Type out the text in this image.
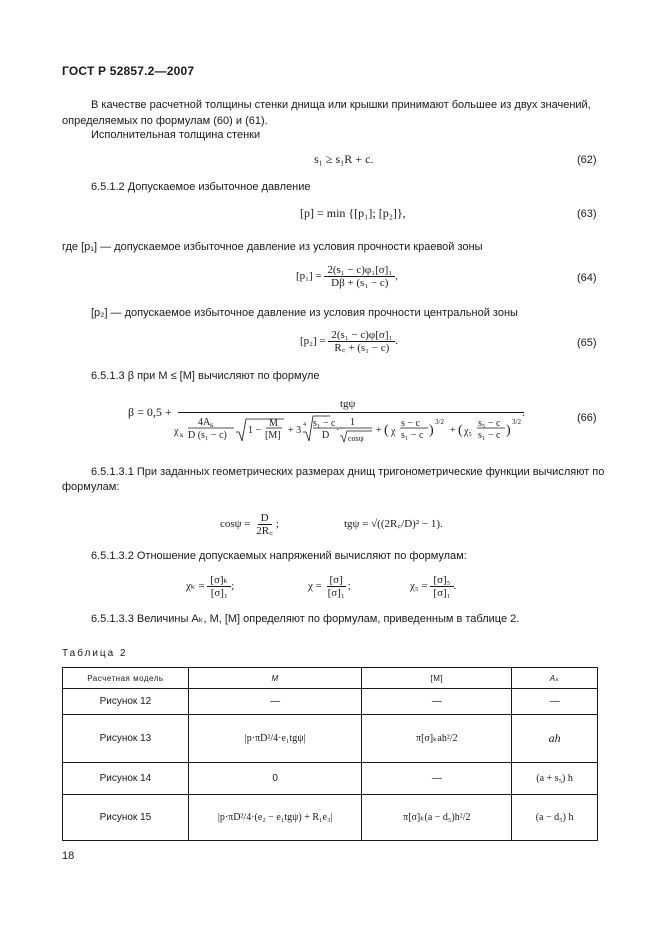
ГОСТ Р 52857.2—2007
В качестве расчетной толщины стенки днища или крышки принимают большее из двух значений,
определяемых по формулам (60) и (61).
Исполнительная толщина стенки
s₁ ≥ s₁R + c.	(62)
6.5.1.2 Допускаемое избыточное давление
[p] = min {[p₁]; [p₂]},	(63)
где [p₁] — допускаемое избыточное давление из условия прочности краевой зоны
$[p_1] = \frac{\text{2(s₁ − c)φ₁[σ]₁}}{\text{Dβ + (s₁ − c)}}$ ,	(64)
[p₂] — допускаемое избыточное давление из условия прочности центральной зоны
$[p_2] = \frac{\text{2(s₁ − c)φ[σ]₁}}{\text{R꜀ + (s₁ − c)}}$ .	(65)
6.5.1.3 β при M ≤ [M] вычисляют по формуле
β = 0,5 +
tgψ
χ к
4A к
D (s₁ − c) 1 −
M
[M] + 3 4 s₁ − c
D ·
1
cosψ
+ ( χ
s − c
s₁ − c )
3/2
+ ( χ₅
s₅ − c
s₁ − c )
3/2
.	(66)
6.5.1.3.1 При заданных геометрических размерах днищ тригонометрические функции вычисляют по
формулам:
$\cos\psi = \frac{D}{2R꜀}$ ;	tgψ = √((2R꜀/D)² − 1).
6.5.1.3.2 Отношение допускаемых напряжений вычисляют по формулам:
$\chi_k = \frac{\text{[σ]ₖ}}{\text{[σ]₁}}$ ;	$\chi = \frac{[\sigma]}{\text{[σ]₁}}$ ;	$\chi_5 = \frac{\text{[σ]₅}}{\text{[σ]₁}}$ .
6.5.1.3.3 Величины Aₖ, M, [M] определяют по формулам, приведенным в таблице 2.
Таблица 2
Расчетная модель	M	[M]	Aₖ
Рисунок 12	—	—	—
Рисунок 13	|p·πD²/4·e₁tgψ|	π[σ]ₖah²/2	ah
Рисунок 14	0	—	(a + s₅) h
Рисунок 15	|p·πD²/4·(e₂ − e₁tgψ) + R₁e₃|	π[σ]ₖ(a − d₅)h²/2	(a − d₅) h
18
